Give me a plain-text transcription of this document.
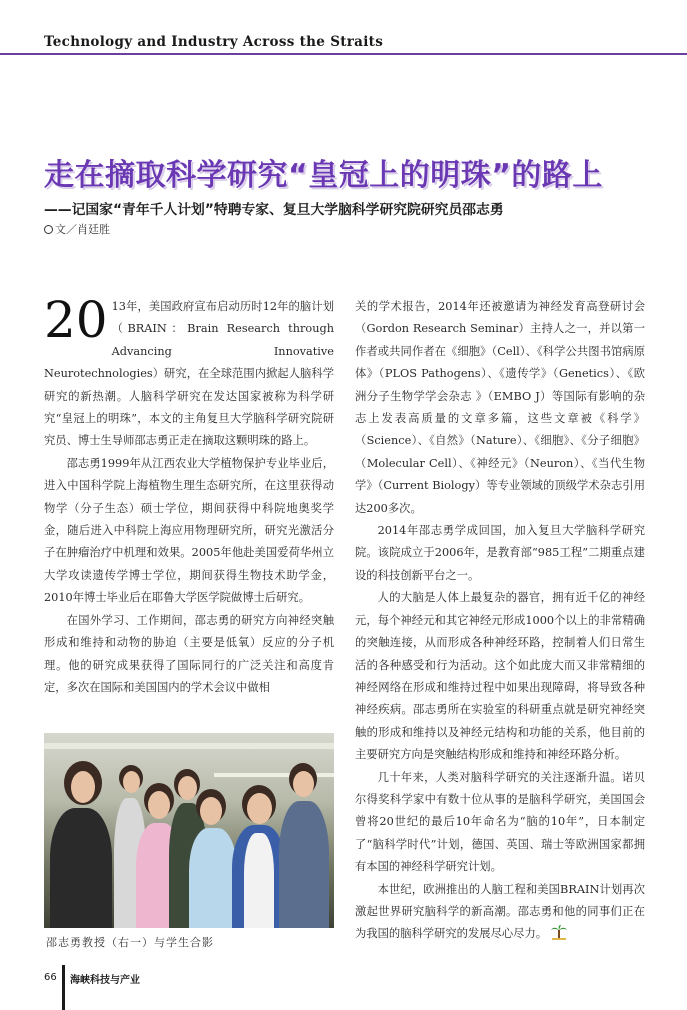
Technology and Industry Across the Straits
走在摘取科学研究“皇冠上的明珠”的路上
——记国家“青年千人计划”特聘专家、复旦大学脑科学研究院研究员邵志勇
文／肖廷胜

20 13年，美国政府宣布启动历时12年的脑计划（BRAIN：Brain Research through Advancing Innovative Neurotechnologies）研究，在全球范围内掀起人脑科学研究的新热潮。人脑科学研究在发达国家被称为科学研究“皇冠上的明珠”，本文的主角复旦大学脑科学研究院研究员、博士生导师邵志勇正走在摘取这颗明珠的路上。

邵志勇1999年从江西农业大学植物保护专业毕业后，进入中国科学院上海植物生理生态研究所，在这里获得动物学（分子生态）硕士学位，期间获得中科院地奥奖学金，随后进入中科院上海应用物理研究所，研究光激活分子在肿瘤治疗中机理和效果。2005年他赴美国爱荷华州立大学攻读遗传学博士学位，期间获得生物技术助学金，2010年博士毕业后在耶鲁大学医学院做博士后研究。

在国外学习、工作期间，邵志勇的研究方向神经突触形成和维持和动物的胁迫（主要是低氧）反应的分子机理。他的研究成果获得了国际同行的广泛关注和高度肯定，多次在国际和美国国内的学术会议中做相

关的学术报告，2014年还被邀请为神经发育高登研讨会（Gordon Research Seminar）主持人之一，并以第一作者或共同作者在《细胞》（Cell）、《科学公共图书馆病原体》（PLOS Pathogens）、《遗传学》（Genetics）、《欧洲分子生物学学会杂志 》（EMBO J）等国际有影响的杂志上发表高质量的文章多篇，这些文章被《科学》（Science）、《自然》（Nature）、《细胞》、《分子细胞》（Molecular Cell）、《神经元》（Neuron）、《当代生物学》（Current Biology）等专业领域的顶级学术杂志引用达200多次。

2014年邵志勇学成回国，加入复旦大学脑科学研究院。该院成立于2006年，是教育部“985工程”二期重点建设的科技创新平台之一。

人的大脑是人体上最复杂的器官，拥有近千亿的神经元，每个神经元和其它神经元形成1000个以上的非常精确的突触连接，从而形成各种神经环路，控制着人们日常生活的各种感受和行为活动。这个如此庞大而又非常精细的神经网络在形成和维持过程中如果出现障碍，将导致各种神经疾病。邵志勇所在实验室的科研重点就是研究神经突触的形成和维持以及神经元结构和功能的关系，他目前的主要研究方向是突触结构形成和维持和神经环路分析。

几十年来，人类对脑科学研究的关注逐渐升温。诺贝尔得奖科学家中有数十位从事的是脑科学研究，美国国会曾将20世纪的最后10年命名为“脑的10年”，日本制定了“脑科学时代”计划，德国、英国、瑞士等欧洲国家都拥有本国的神经科学研究计划。

本世纪，欧洲推出的人脑工程和美国BRAIN计划再次激起世界研究脑科学的新高潮。邵志勇和他的同事们正在为我国的脑科学研究的发展尽心尽力。

邵志勇教授（右一）与学生合影
66 海峡科技与产业
